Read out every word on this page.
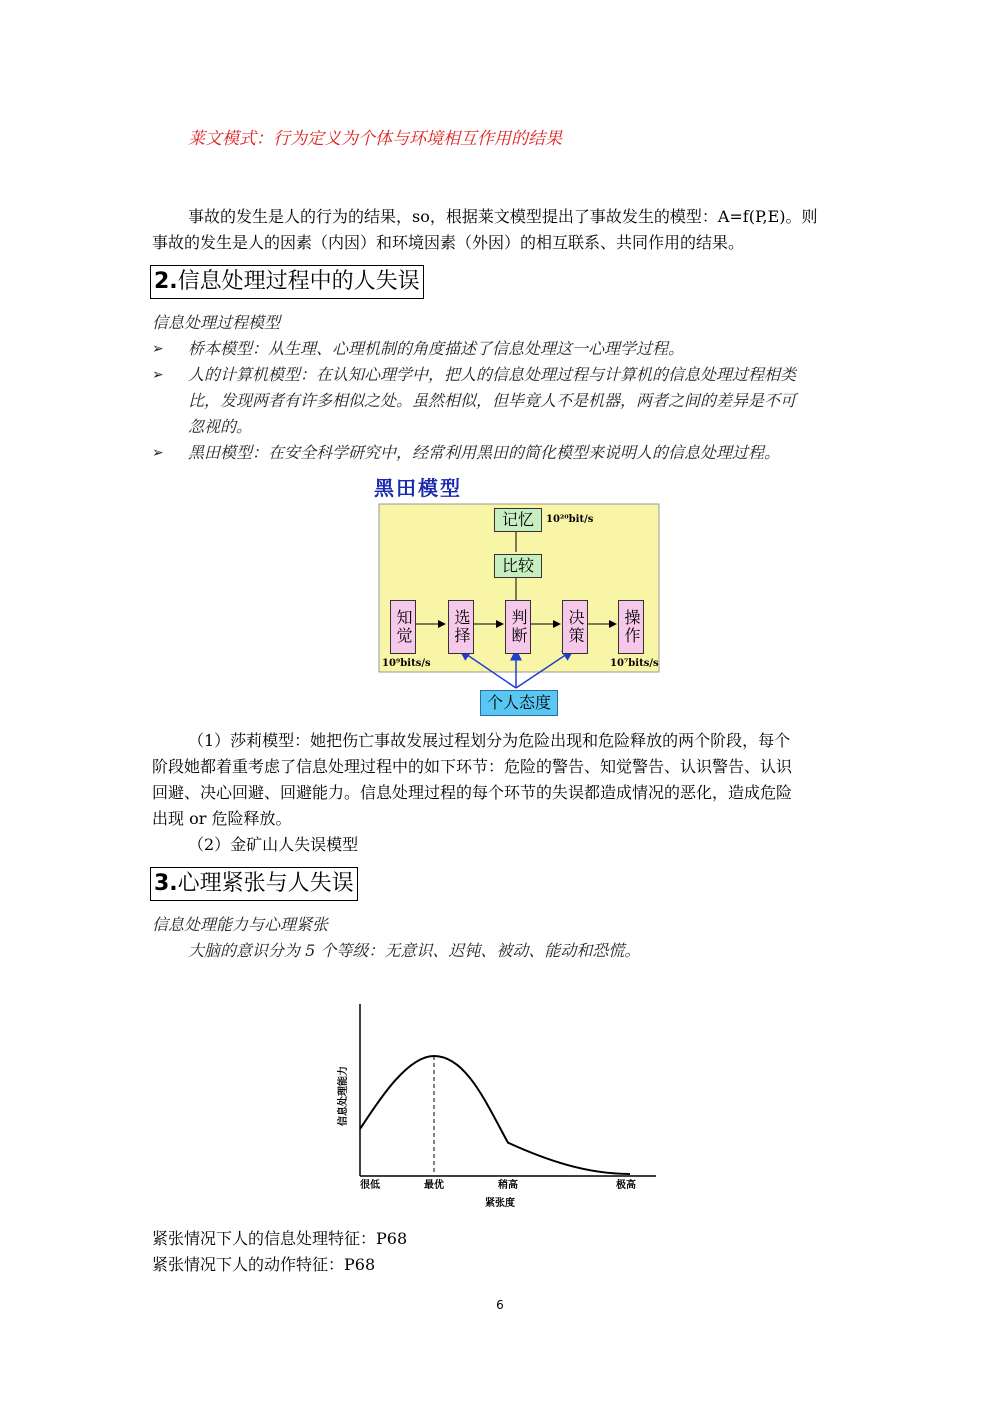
莱文模式：行为定义为个体与环境相互作用的结果
事故的发生是人的行为的结果，so，根据莱文模型提出了事故发生的模型：A=f(P,E)。则
事故的发生是人的因素（内因）和环境因素（外因）的相互联系、共同作用的结果。
2.信息处理过程中的人失误
信息处理过程模型
➢ 桥本模型：从生理、心理机制的角度描述了信息处理这一心理学过程。
➢ 人的计算机模型：在认知心理学中，把人的信息处理过程与计算机的信息处理过程相类
比，发现两者有许多相似之处。虽然相似，但毕竟人不是机器，两者之间的差异是不可
忽视的。
➢ 黑田模型：在安全科学研究中，经常利用黑田的简化模型来说明人的信息处理过程。
黑田模型
记忆	10²⁰bit/s
比较
知觉 选择 判断 决策 操作
10⁹bits/s	10⁷bits/s
个人态度
（1）莎莉模型：她把伤亡事故发展过程划分为危险出现和危险释放的两个阶段，每个
阶段她都着重考虑了信息处理过程中的如下环节：危险的警告、知觉警告、认识警告、认识
回避、决心回避、回避能力。信息处理过程的每个环节的失误都造成情况的恶化，造成危险
出现 or 危险释放。
（2）金矿山人失误模型
3.心理紧张与人失误
信息处理能力与心理紧张
大脑的意识分为 5 个等级：无意识、迟钝、被动、能动和恐慌。
信息处理能力
很低	最优	稍高	极高
紧张度
紧张情况下人的信息处理特征：P68
紧张情况下人的动作特征：P68
6
